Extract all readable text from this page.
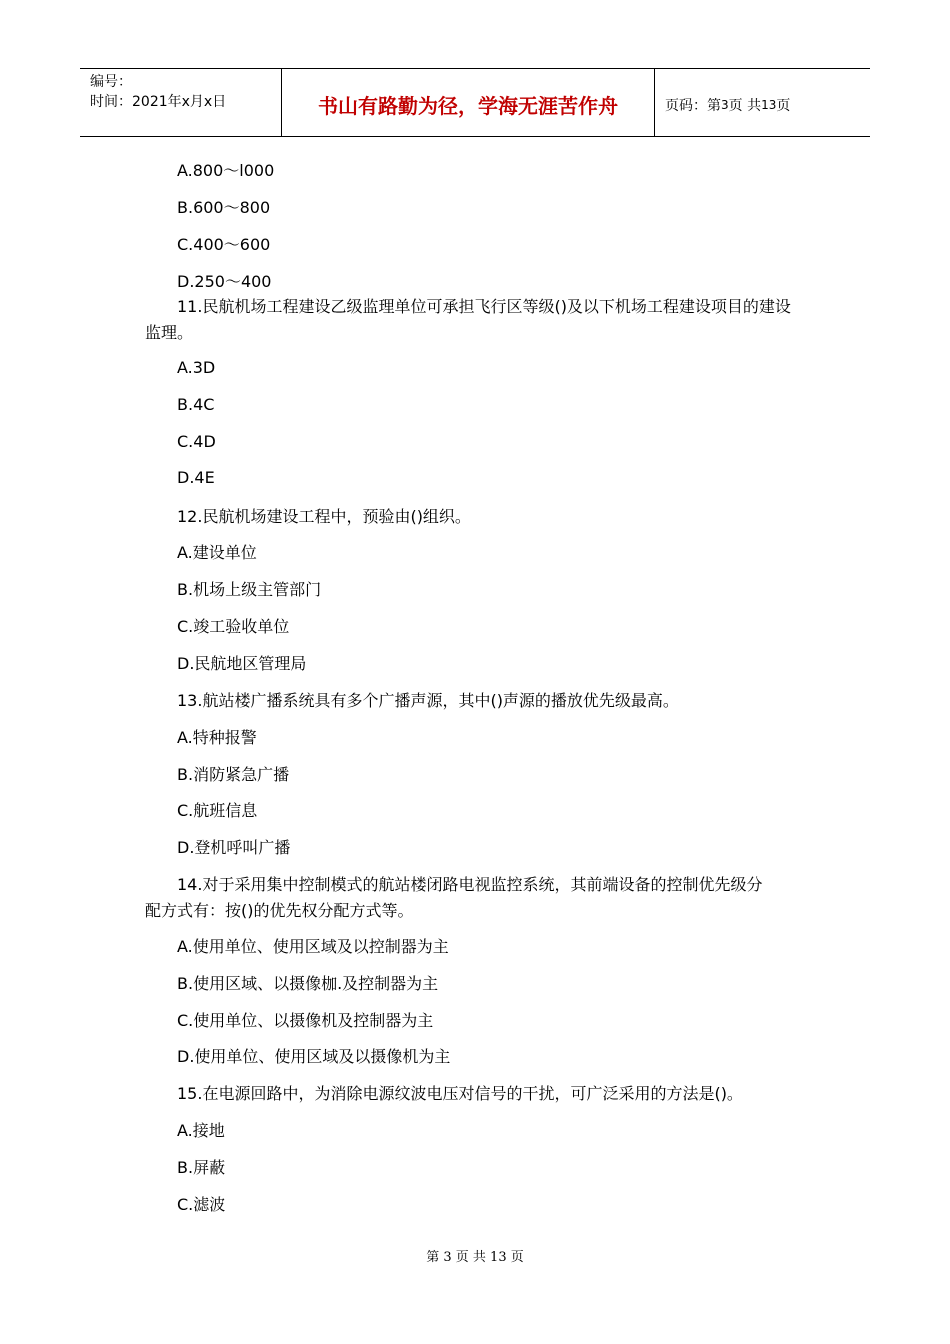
编号：
时间：2021年x月x日	书山有路勤为径，学海无涯苦作舟	页码：第 3 页 共 13 页
A.800～l000
B.600～800
C.400～600
D.250～400
11.民航机场工程建设乙级监理单位可承担飞行区等级()及以下机场工程建设项目的建设
监理。
A.3D
B.4C
C.4D
D.4E
12.民航机场建设工程中，预验由()组织。
A.建设单位
B.机场上级主管部门
C.竣工验收单位
D.民航地区管理局
13.航站楼广播系统具有多个广播声源，其中()声源的播放优先级最高。
A.特种报警
B.消防紧急广播
C.航班信息
D.登机呼叫广播
14.对于采用集中控制模式的航站楼闭路电视监控系统，其前端设备的控制优先级分
配方式有：按()的优先权分配方式等。
A.使用单位、使用区域及以控制器为主
B.使用区域、以摄像枷.及控制器为主
C.使用单位、以摄像机及控制器为主
D.使用单位、使用区域及以摄像机为主
15.在电源回路中，为消除电源纹波电压对信号的干扰，可广泛采用的方法是()。
A.接地
B.屏蔽
C.滤波
第 3 页 共 13 页
